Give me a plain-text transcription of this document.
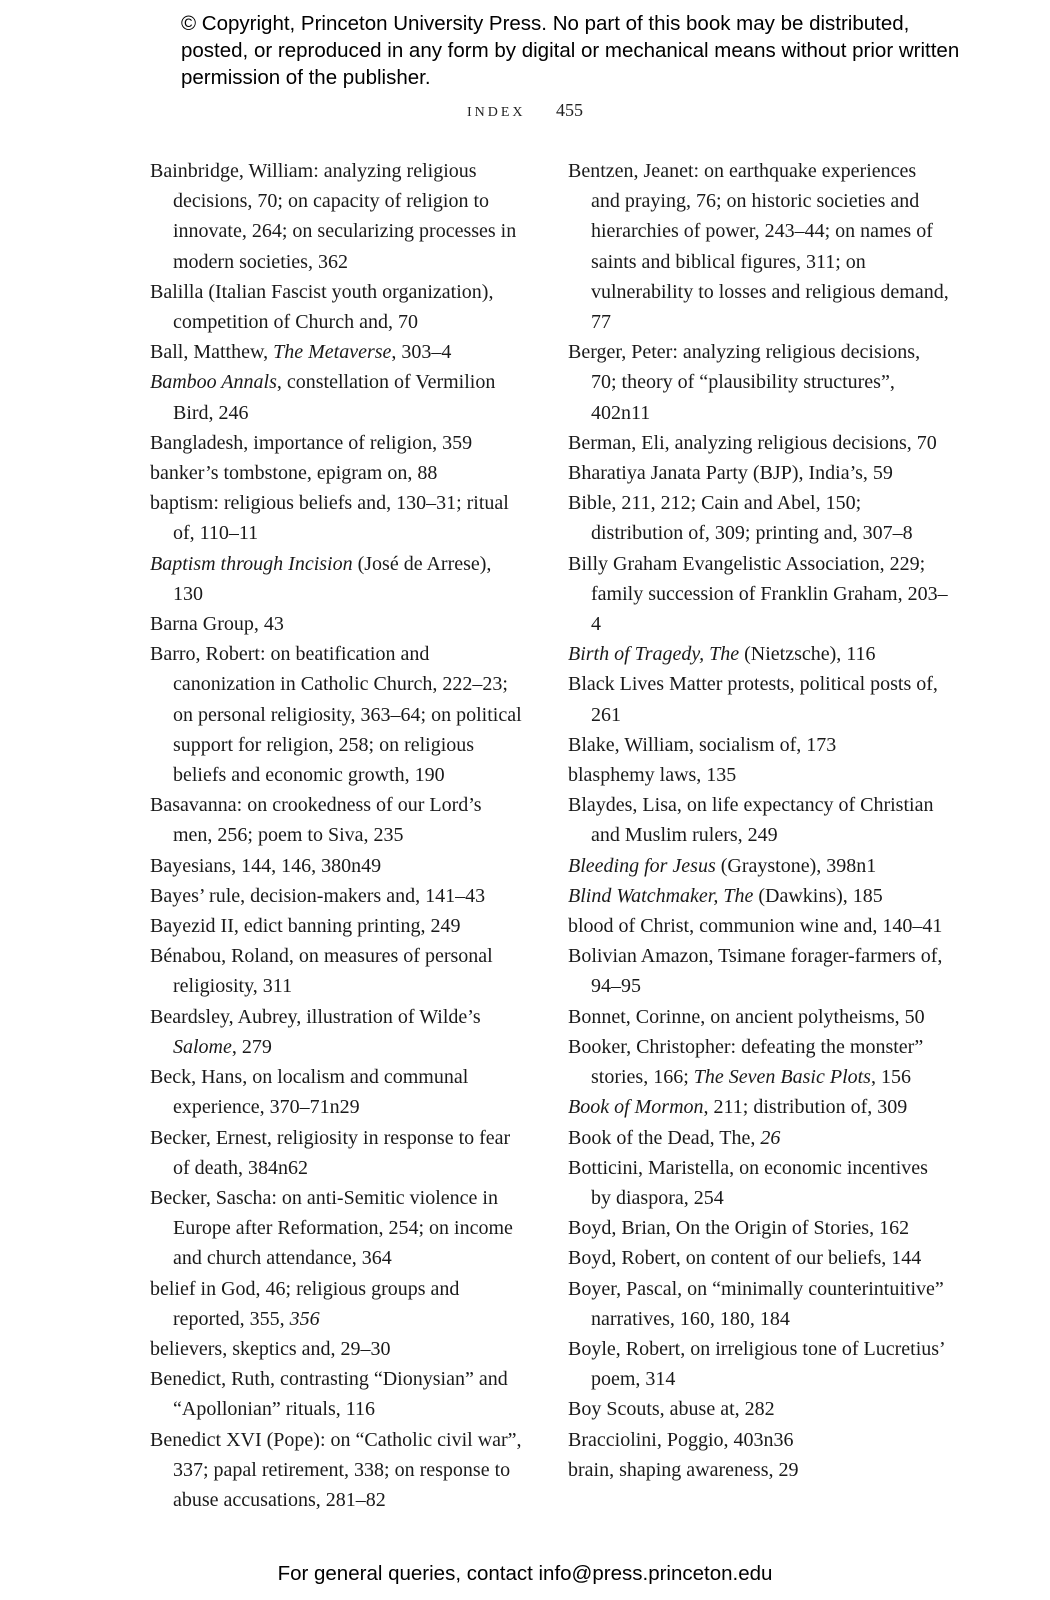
© Copyright, Princeton University Press. No part of this book may be distributed, posted, or reproduced in any form by digital or mechanical means without prior written permission of the publisher.
INDEX 455

Bainbridge, William: analyzing religious decisions, 70; on capacity of religion to innovate, 264; on secularizing processes in modern societies, 362

Balilla (Italian Fascist youth organization), competition of Church and, 70

Ball, Matthew, The Metaverse, 303–4

Bamboo Annals, constellation of Vermilion Bird, 246

Bangladesh, importance of religion, 359

banker’s tombstone, epigram on, 88

baptism: religious beliefs and, 130–31; ritual of, 110–11

Baptism through Incision (José de Arrese), 130

Barna Group, 43

Barro, Robert: on beatification and canonization in Catholic Church, 222–23; on personal religiosity, 363–64; on political support for religion, 258; on religious beliefs and economic growth, 190

Basavanna: on crookedness of our Lord’s men, 256; poem to Siva, 235

Bayesians, 144, 146, 380n49

Bayes’ rule, decision-makers and, 141–43

Bayezid II, edict banning printing, 249

Bénabou, Roland, on measures of personal religiosity, 311

Beardsley, Aubrey, illustration of Wilde’s Salome, 279

Beck, Hans, on localism and communal experience, 370–71n29

Becker, Ernest, religiosity in response to fear of death, 384n62

Becker, Sascha: on anti-Semitic violence in Europe after Reformation, 254; on income and church attendance, 364

belief in God, 46; religious groups and reported, 355, 356

believers, skeptics and, 29–30

Benedict, Ruth, contrasting “Dionysian” and “Apollonian” rituals, 116

Benedict XVI (Pope): on “Catholic civil war”, 337; papal retirement, 338; on response to abuse accusations, 281–82

Bentzen, Jeanet: on earthquake experiences and praying, 76; on historic societies and hierarchies of power, 243–44; on names of saints and biblical figures, 311; on vulnerability to losses and religious demand, 77

Berger, Peter: analyzing religious decisions, 70; theory of “plausibility structures”, 402n11

Berman, Eli, analyzing religious decisions, 70

Bharatiya Janata Party (BJP), India’s, 59

Bible, 211, 212; Cain and Abel, 150; distribution of, 309; printing and, 307–8

Billy Graham Evangelistic Association, 229; family succession of Franklin Graham, 203–4

Birth of Tragedy, The (Nietzsche), 116

Black Lives Matter protests, political posts of, 261

Blake, William, socialism of, 173

blasphemy laws, 135

Blaydes, Lisa, on life expectancy of Christian and Muslim rulers, 249

Bleeding for Jesus (Graystone), 398n1

Blind Watchmaker, The (Dawkins), 185

blood of Christ, communion wine and, 140–41

Bolivian Amazon, Tsimane forager-farmers of, 94–95

Bonnet, Corinne, on ancient polytheisms, 50

Booker, Christopher: defeating the monster” stories, 166; The Seven Basic Plots, 156

Book of Mormon, 211; distribution of, 309

Book of the Dead, The, 26

Botticini, Maristella, on economic incentives by diaspora, 254

Boyd, Brian, On the Origin of Stories, 162

Boyd, Robert, on content of our beliefs, 144

Boyer, Pascal, on “minimally counterintuitive” narratives, 160, 180, 184

Boyle, Robert, on irreligious tone of Lucretius’ poem, 314

Boy Scouts, abuse at, 282

Bracciolini, Poggio, 403n36

brain, shaping awareness, 29

For general queries, contact info@press.princeton.edu
